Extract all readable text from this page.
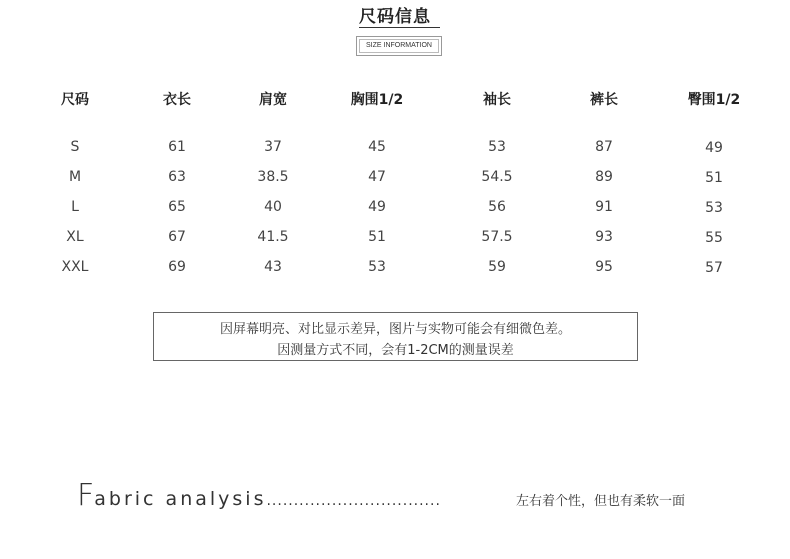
尺码信息
SIZE INFORMATION
尺码	衣长	肩宽	胸围1/2	袖长	裤长	臀围1/2
S	61	37	45	53	87	49
M	63	38.5	47	54.5	89	51
L	65	40	49	56	91	53
XL	67	41.5	51	57.5	93	55
XXL	69	43	53	59	95	57
因屏幕明亮、对比显示差异，图片与实物可能会有细微色差。
因测量方式不同，会有1-2CM的测量误差
Fabric analysis................................	左右着个性，但也有柔软一面
